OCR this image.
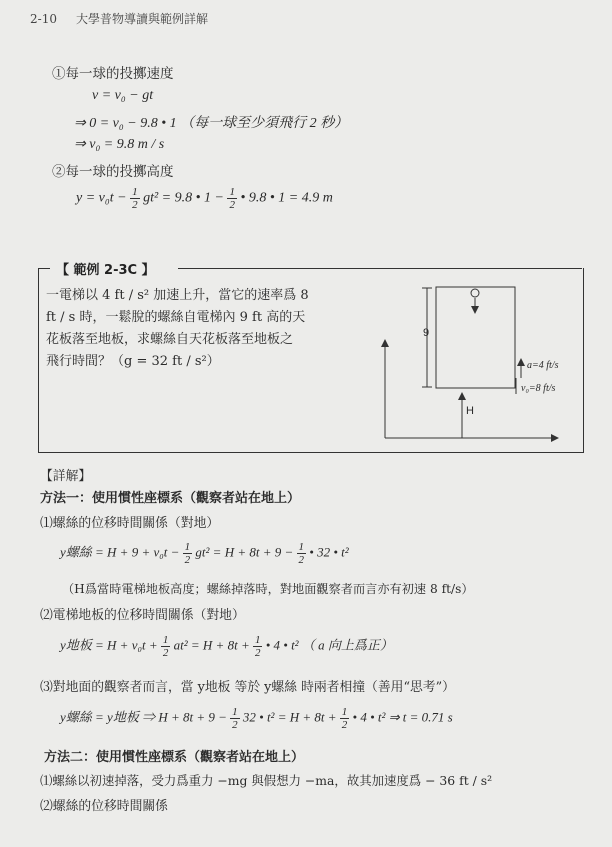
2-10 大學普物導讀與範例詳解
①每一球的投擲速度
v = v₀ − gt
⇒ 0 = v₀ − 9.8 • 1 （每一球至少須飛行 2 秒）
⇒ v₀ = 9.8 m / s
②每一球的投擲高度
$y = v_0t - \frac{1}{2} gt^2 = 9.8$ • $1 - \frac{1}{2}$ • 9.8 • 1 = 4.9 m
【 範例 2-3C 】
一電梯以 4 ft / s² 加速上升，當它的速率爲 8
ft / s 時，一鬆脫的螺絲自電梯內 9 ft 高的天
花板落至地板，求螺絲自天花板落至地板之
飛行時間？（g = 32 ft / s²）
9
a=4 ft/s
v₀=8 ft/s
H
【詳解】
方法一：使用慣性座標系（觀察者站在地上）
⑴螺絲的位移時間關係（對地）
y螺絲 = $H + 9 + v_0t - \frac{1}{2} gt^2 = H + 8t + 9 - \frac{1}{2}$ • 32 • t²
（H爲當時電梯地板高度；螺絲掉落時，對地面觀察者而言亦有初速 8 ft/s）
⑵電梯地板的位移時間關係（對地）
y地板 = $H + v_0t + \frac{1}{2} at^2 = H + 8t + \frac{1}{2}$ • 4 • t² （ a 向上爲正）
⑶對地面的觀察者而言，當 y地板 等於 y螺絲 時兩者相撞（善用“思考”）
y螺絲 = y地板 ⇒ $H + 8t + 9 - \frac{1}{2} 32$ • $t^2 = H + 8t + \frac{1}{2}$ • 4 • t² ⇒ t = 0.71 s
方法二：使用慣性座標系（觀察者站在地上）
⑴螺絲以初速掉落，受力爲重力 −mg 與假想力 −ma，故其加速度爲 − 36 ft / s²
⑵螺絲的位移時間關係
